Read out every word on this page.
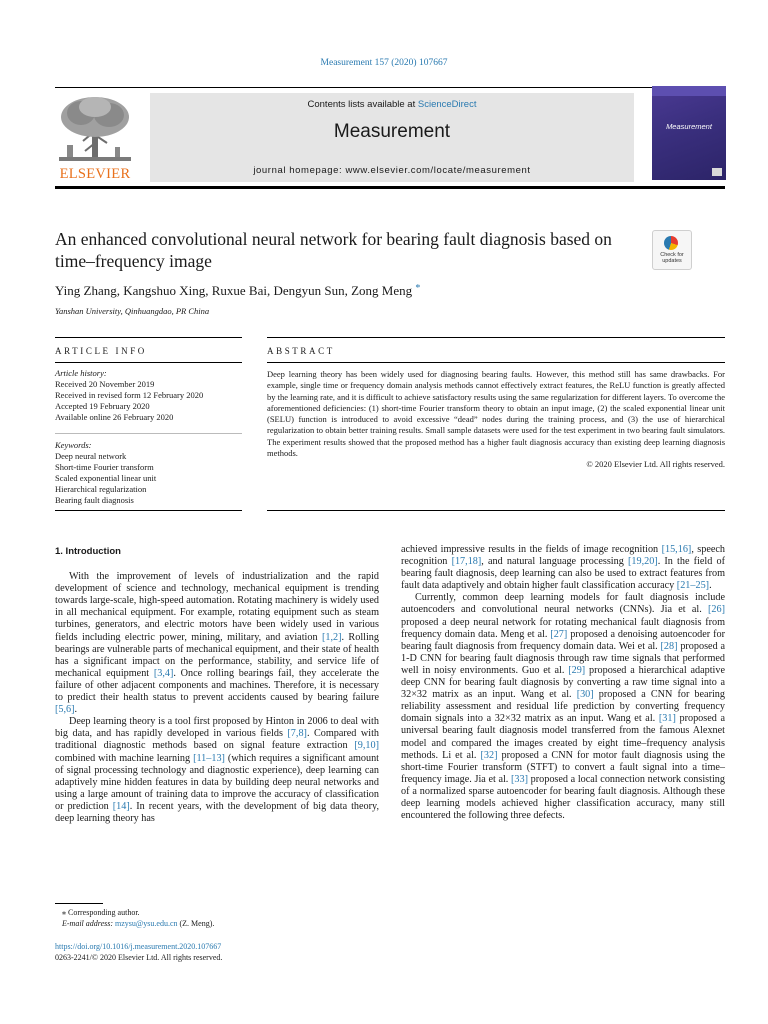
Measurement 157 (2020) 107667
ELSEVIER
Contents lists available at ScienceDirect
Measurement
journal homepage: www.elsevier.com/locate/measurement
Measurement
An enhanced convolutional neural network for bearing fault diagnosis based on time–frequency image	Check for updates
Ying Zhang, Kangshuo Xing, Ruxue Bai, Dengyun Sun, Zong Meng *
Yanshan University, Qinhuangdao, PR China
ARTICLE INFO	ABSTRACT
Article history:
Received 20 November 2019
Received in revised form 12 February 2020
Accepted 19 February 2020
Available online 26 February 2020
Keywords:
Deep neural network
Short-time Fourier transform
Scaled exponential linear unit
Hierarchical regularization
Bearing fault diagnosis
Deep learning theory has been widely used for diagnosing bearing faults. However, this method still has same drawbacks. For example, single time or frequency domain analysis methods cannot effectively extract features, the ReLU function is greatly affected by the learning rate, and it is difficult to achieve satisfactory results using the same regularization for different layers. To overcome the aforementioned deficiencies: (1) short-time Fourier transform theory to obtain an input image, (2) the scaled exponential linear unit (SELU) function is introduced to avoid excessive “dead” nodes during the training process, and (3) the use of hierarchical regularization to obtain better training results. Small sample datasets were used for the test experiment in two bearing fault simulators. The experiment results showed that the proposed method has a higher fault diagnosis accuracy than existing deep learning diagnosis methods.
© 2020 Elsevier Ltd. All rights reserved.
1. Introduction

With the improvement of levels of industrialization and the rapid development of science and technology, mechanical equipment is trending towards large-scale, high-speed automation. Rotating machinery is widely used in all mechanical equipment. For example, rotating equipment such as steam turbines, generators, and electric motors have been widely used in various fields including electric power, mining, military, and aviation [1,2]. Rolling bearings are vulnerable parts of mechanical equipment, and their state of health has a significant impact on the performance, stability, and service life of mechanical equipment [3,4]. Once rolling bearings fail, they accelerate the failure of other adjacent components and machines. Therefore, it is necessary to predict their health status to prevent accidents caused by bearing failure [5,6].

Deep learning theory is a tool first proposed by Hinton in 2006 to deal with big data, and has rapidly developed in various fields [7,8]. Compared with traditional diagnostic methods based on signal feature extraction [9,10] combined with machine learning [11–13] (which requires a significant amount of signal processing technology and diagnostic experience), deep learning can adaptively mine hidden features in data by building deep neural networks and using a large amount of training data to improve the accuracy of classification or prediction [14]. In recent years, with the development of big data theory, deep learning theory has

achieved impressive results in the fields of image recognition [15,16], speech recognition [17,18], and natural language processing [19,20]. In the field of bearing fault diagnosis, deep learning can also be used to extract features from fault data adaptively and obtain higher fault classification accuracy [21–25].

Currently, common deep learning models for fault diagnosis include autoencoders and convolutional neural networks (CNNs). Jia et al. [26] proposed a deep neural network for rotating mechanical fault diagnosis from frequency domain data. Meng et al. [27] proposed a denoising autoencoder for bearing fault diagnosis from frequency domain data. Wei et al. [28] proposed a 1-D CNN for bearing fault diagnosis through raw time signals that performed well in noisy environments. Guo et al. [29] proposed a hierarchical adaptive deep CNN for bearing fault diagnosis by converting a raw time signal into a 32×32 matrix as an input. Wang et al. [30] proposed a CNN for bearing reliability assessment and residual life prediction by converting frequency domain signals into a 32×32 matrix as an input. Wang et al. [31] proposed a universal bearing fault diagnosis model transferred from the famous Alexnet model and compared the images created by eight time–frequency analysis methods. Li et al. [32] proposed a CNN for motor fault diagnosis using the short-time Fourier transform (STFT) to convert a fault signal into a time–frequency image. Jia et al. [33] proposed a local connection network consisting of a normalized sparse autoencoder for bearing fault diagnosis. Although these deep learning models achieved higher classification accuracy, many still encountered the following three defects.

⁎ Corresponding author.
E-mail address: mzysu@ysu.edu.cn (Z. Meng).
https://doi.org/10.1016/j.measurement.2020.107667
0263-2241/© 2020 Elsevier Ltd. All rights reserved.
